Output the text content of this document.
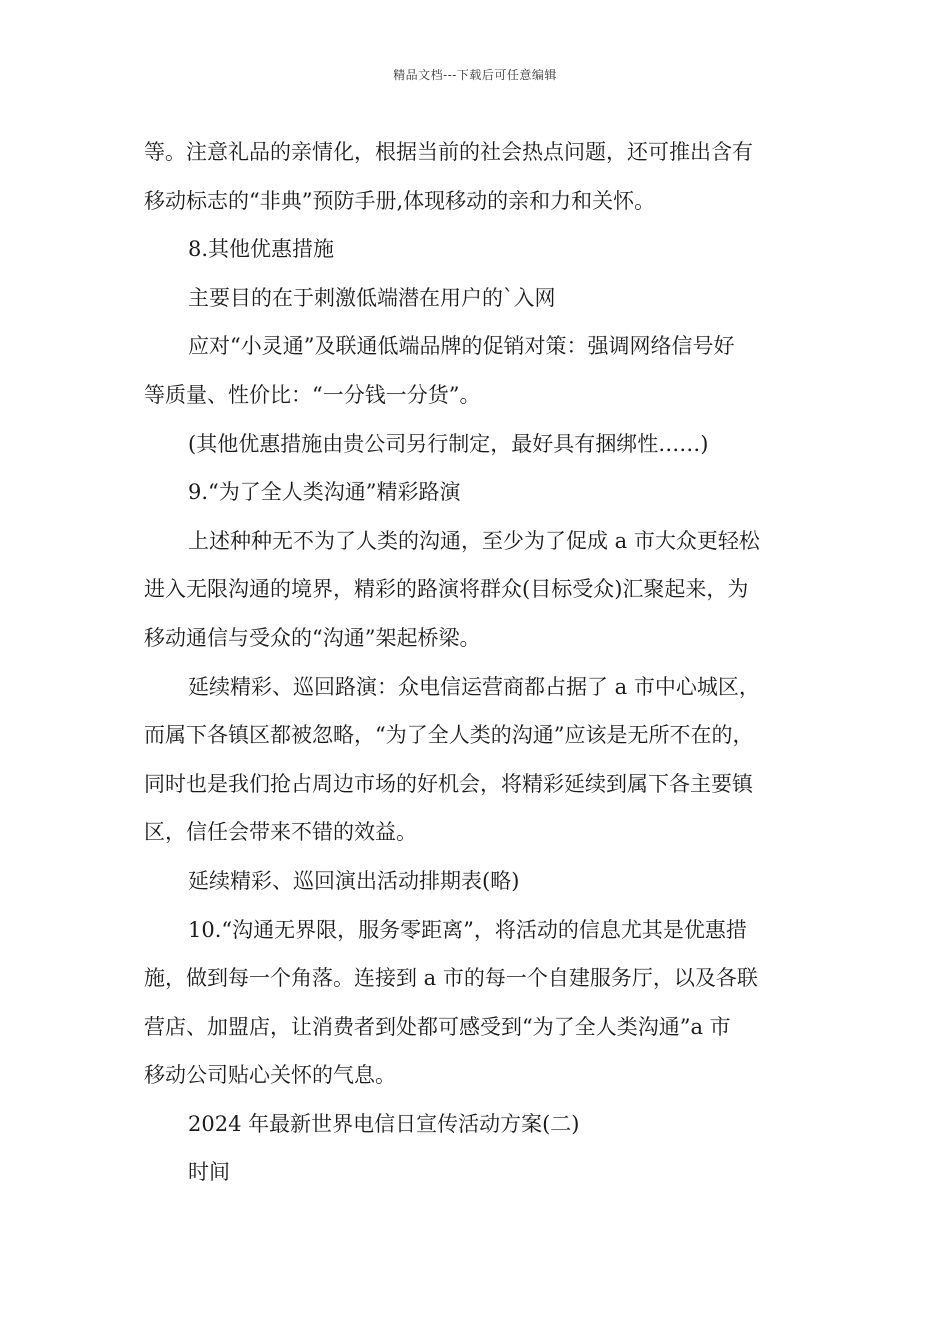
精品文档---下载后可任意编辑
等。注意礼品的亲情化，根据当前的社会热点问题，还可推出含有
移动标志的“非典”预防手册,体现移动的亲和力和关怀。
8.其他优惠措施
主要目的在于刺激低端潜在用户的`入网
应对“小灵通”及联通低端品牌的促销对策：强调网络信号好
等质量、性价比：“一分钱一分货”。
(其他优惠措施由贵公司另行制定，最好具有捆绑性……)
9.“为了全人类沟通”精彩路演
上述种种无不为了人类的沟通，至少为了促成 a 市大众更轻松
进入无限沟通的境界，精彩的路演将群众(目标受众)汇聚起来，为
移动通信与受众的“沟通”架起桥梁。
延续精彩、巡回路演：众电信运营商都占据了 a 市中心城区，
而属下各镇区都被忽略，“为了全人类的沟通”应该是无所不在的，
同时也是我们抢占周边市场的好机会，将精彩延续到属下各主要镇
区，信任会带来不错的效益。
延续精彩、巡回演出活动排期表(略)
10.“沟通无界限，服务零距离”，将活动的信息尤其是优惠措
施，做到每一个角落。连接到 a 市的每一个自建服务厅，以及各联
营店、加盟店，让消费者到处都可感受到“为了全人类沟通”a 市
移动公司贴心关怀的气息。
2024 年最新世界电信日宣传活动方案(二)
时间
